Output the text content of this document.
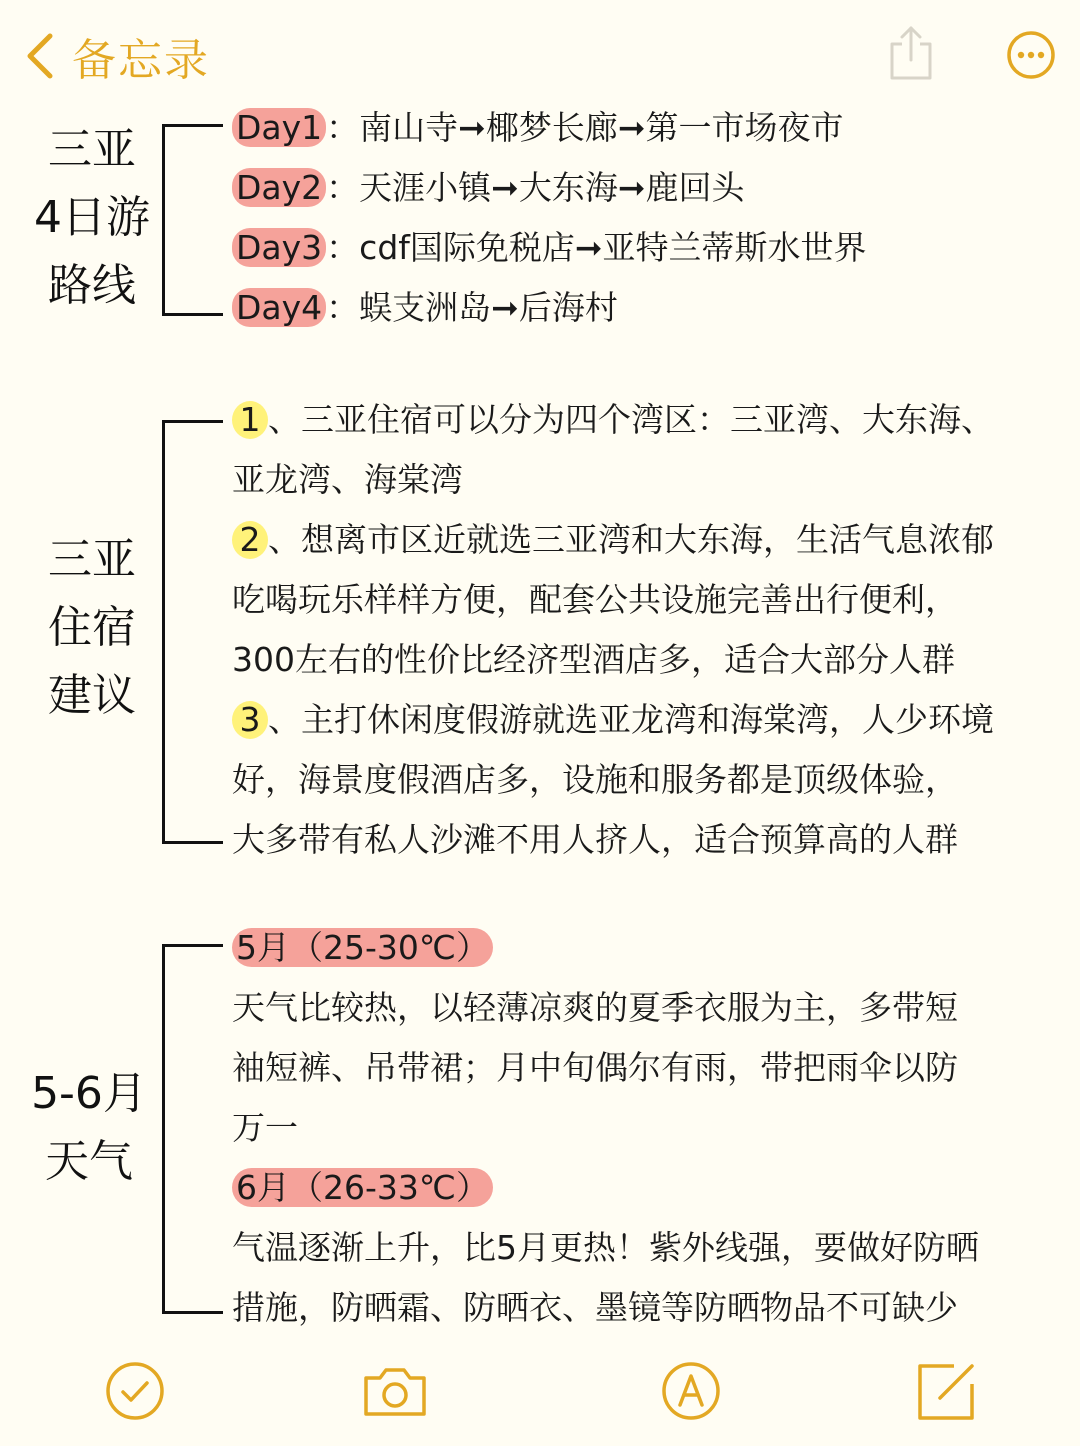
备忘录
三亚
4日游
路线
Day1 ：南山寺➞椰梦长廊➞第一市场夜市
Day2 ：天涯小镇➞大东海➞鹿回头
Day3 ：cdf国际免税店➞亚特兰蒂斯水世界
Day4 ：蜈支洲岛➞后海村
三亚
住宿
建议
1 、三亚住宿可以分为四个湾区：三亚湾、大东海、
亚龙湾、海棠湾
2 、想离市区近就选三亚湾和大东海，生活气息浓郁
吃喝玩乐样样方便，配套公共设施完善出行便利，
300左右的性价比经济型酒店多，适合大部分人群
3 、主打休闲度假游就选亚龙湾和海棠湾，人少环境
好，海景度假酒店多，设施和服务都是顶级体验，
大多带有私人沙滩不用人挤人，适合预算高的人群
5-6月
天气
5月（25-30℃）
天气比较热，以轻薄凉爽的夏季衣服为主，多带短
袖短裤、吊带裙；月中旬偶尔有雨，带把雨伞以防
万一
6月（26-33℃）
气温逐渐上升，比5月更热！紫外线强，要做好防晒
措施，防晒霜、防晒衣、墨镜等防晒物品不可缺少
